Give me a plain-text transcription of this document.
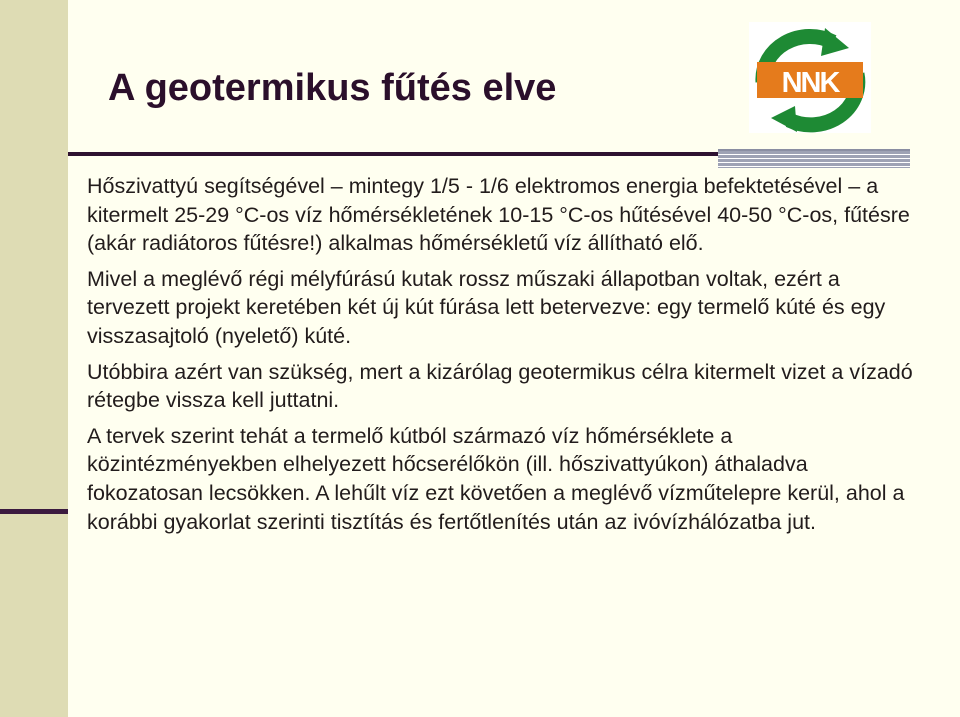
A geotermikus fűtés elve	NNK

Hőszivattyú segítségével – mintegy 1/5 - 1/6 elektromos energia befektetésével – a kitermelt 25-29 °C-os víz hőmérsékletének 10-15 °C-os hűtésével 40-50 °C-os, fűtésre (akár radiátoros fűtésre!) alkalmas hőmérsékletű víz állítható elő.

Mivel a meglévő régi mélyfúrású kutak rossz műszaki állapotban voltak, ezért a tervezett projekt keretében két új kút fúrása lett betervezve: egy termelő kúté és egy visszasajtoló (nyelető) kúté.

Utóbbira azért van szükség, mert a kizárólag geotermikus célra kitermelt vizet a vízadó rétegbe vissza kell juttatni.

A tervek szerint tehát a termelő kútból származó víz hőmérséklete a közintézményekben elhelyezett hőcserélőkön (ill. hőszivattyúkon) áthaladva fokozatosan lecsökken. A lehűlt víz ezt követően a meglévő vízműtelepre kerül, ahol a korábbi gyakorlat szerinti tisztítás és fertőtlenítés után az ivóvízhálózatba jut.
